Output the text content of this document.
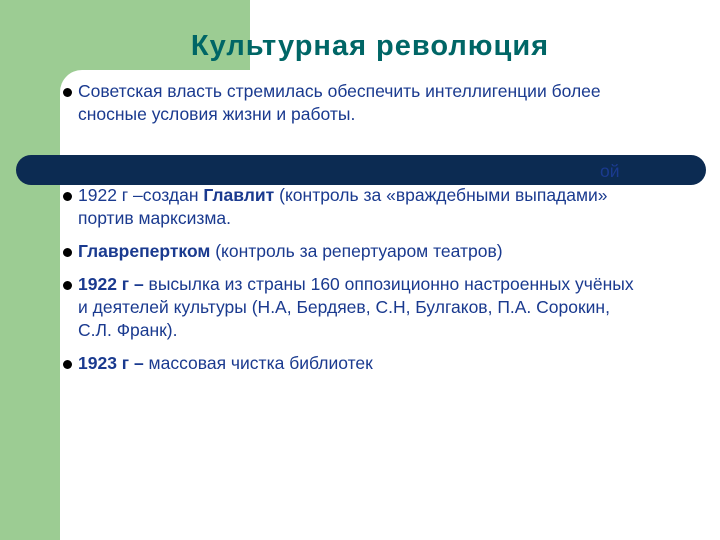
Культурная революция
Советская власть стремилась обеспечить интеллигенции более сносные условия жизни и работы.
1922 г –создан Главлит (контроль за «враждебными выпадами» портив марксизма.
Главрепертком (контроль за репертуаром театров)
1922 г – высылка из страны 160 оппозиционно настроенных учёных и деятелей культуры (Н.А, Бердяев, С.Н, Булгаков, П.А. Сорокин, С.Л. Франк).
1923 г – массовая чистка библиотек
ой
